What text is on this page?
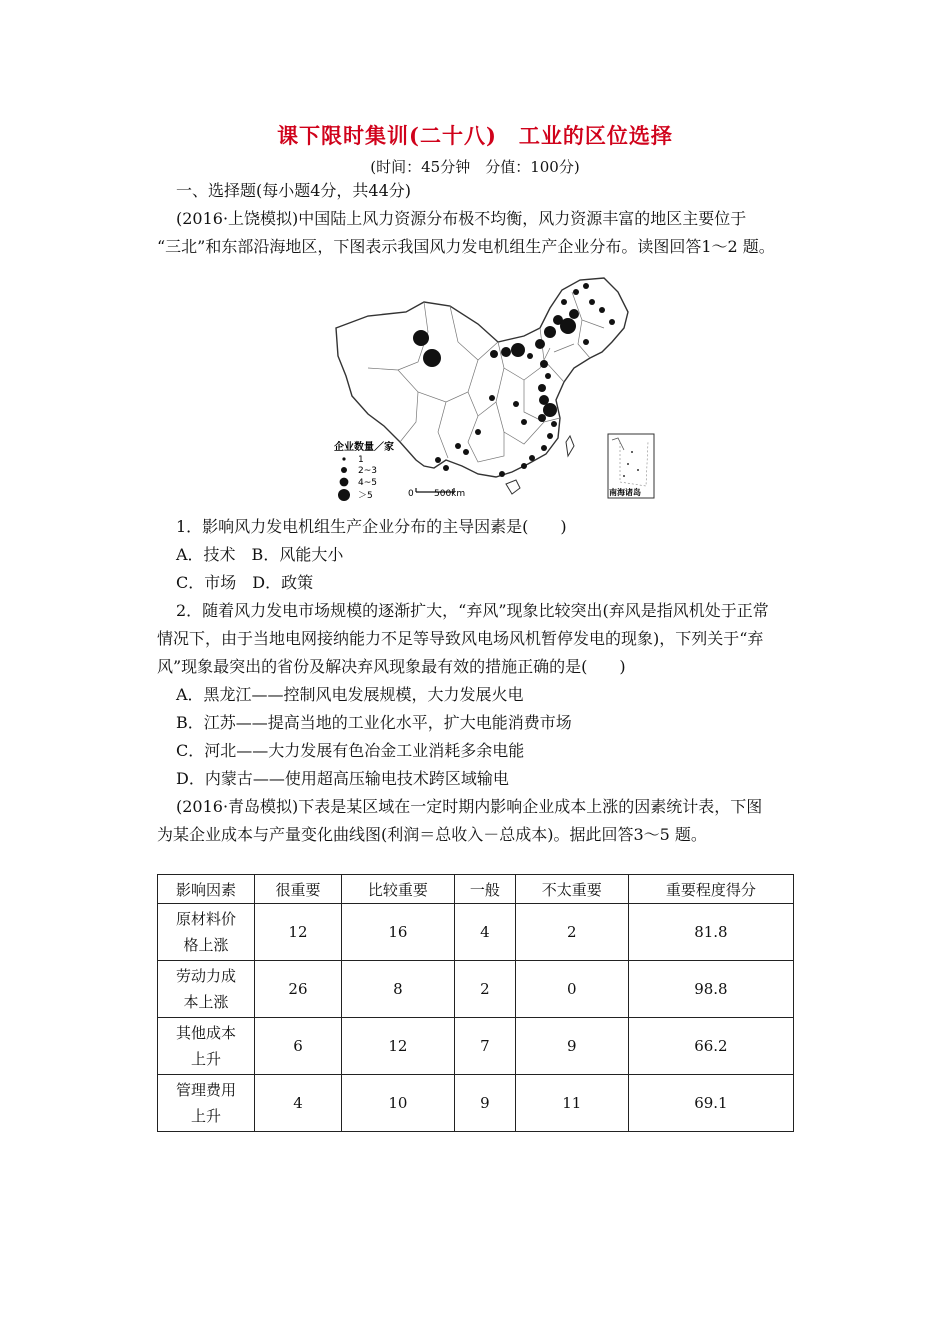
课下限时集训(二十八)　工业的区位选择
(时间：45分钟　分值：100分)
一、选择题(每小题4分，共44分)
(2016·上饶模拟)中国陆上风力资源分布极不均衡，风力资源丰富的地区主要位于
“三北”和东部沿海地区，下图表示我国风力发电机组生产企业分布。读图回答1～2 题。
企业数量／家
1
2~3
4~5
＞5	0 500km	南海诸岛
1．影响风力发电机组生产企业分布的主导因素是(　　)
A．技术　B．风能大小
C．市场　D．政策
2．随着风力发电市场规模的逐渐扩大，“弃风”现象比较突出(弃风是指风机处于正常
情况下，由于当地电网接纳能力不足等导致风电场风机暂停发电的现象)，下列关于“弃
风”现象最突出的省份及解决弃风现象最有效的措施正确的是(　　)
A．黑龙江——控制风电发展规模，大力发展火电
B．江苏——提高当地的工业化水平，扩大电能消费市场
C．河北——大力发展有色冶金工业消耗多余电能
D．内蒙古——使用超高压输电技术跨区域输电
(2016·青岛模拟)下表是某区域在一定时期内影响企业成本上涨的因素统计表，下图
为某企业成本与产量变化曲线图(利润＝总收入－总成本)。据此回答3～5 题。
影响因素	很重要	比较重要	一般	不太重要	重要程度得分
原材料价
格上涨	12	16	4	2	81.8
劳动力成
本上涨	26	8	2	0	98.8
其他成本
上升	6	12	7	9	66.2
管理费用
上升	4	10	9	11	69.1
